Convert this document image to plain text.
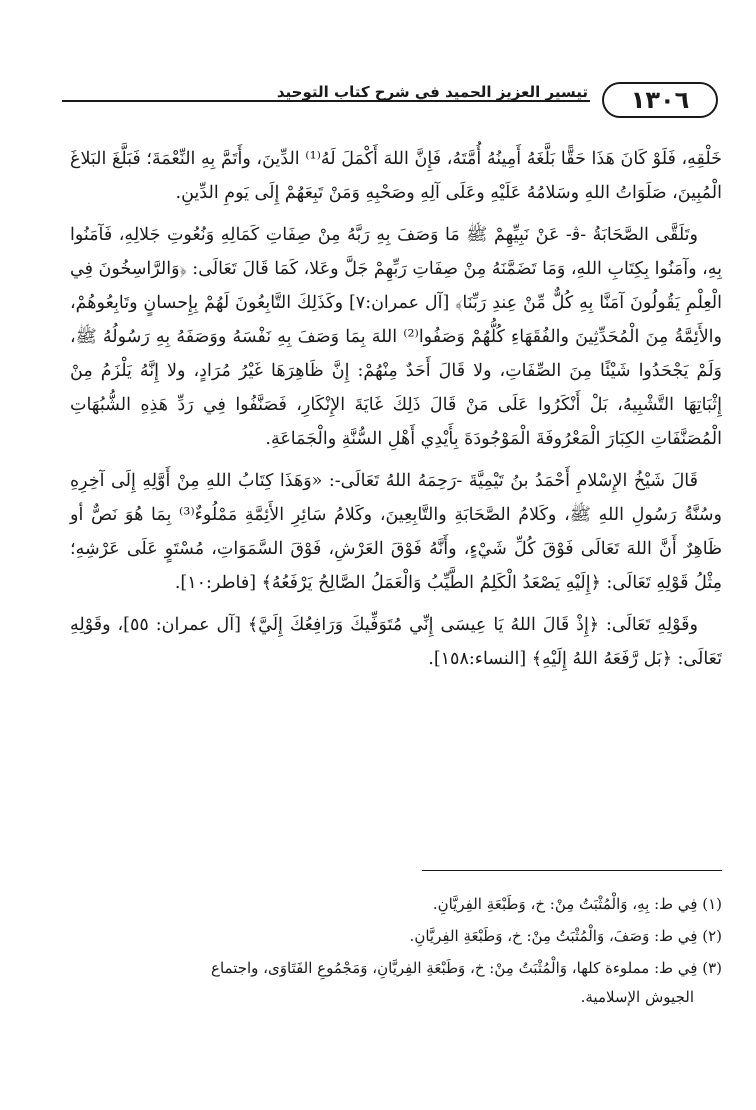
تيسير العزيز الحميد في شرح كتاب التوحيد ١٣٠٦

خَلْقِهِ، فَلَوْ كَانَ هَذَا حَقًّا بَلَّغَهُ أَمِينُهُ أُمَّتَهُ، فَإِنَّ اللهَ أَكْمَلَ لَهُ⁽¹⁾ الدِّينَ، وأَتَمَّ بِهِ النِّعْمَةَ؛ فَبَلَّغَ البَلاغَ الْمُبِينَ، صَلَوَاتُ اللهِ وسَلامُهُ عَلَيْهِ وعَلَى آلِهِ وصَحْبِهِ وَمَنْ تَبِعَهُمْ إِلَى يَومِ الدِّينِ.

وتَلَقَّى الصَّحَابَةُ -ﭬ- عَنْ نَبِيِّهِمْ ﷺ مَا وَصَفَ بِهِ رَبَّهُ مِنْ صِفَاتِ كَمَالِهِ وَنُعُوتِ جَلالِهِ، فَآمَنُوا بِهِ، وآمَنُوا بِكِتَابِ اللهِ، وَمَا تَضَمَّنَهُ مِنْ صِفَاتِ رَبِّهِمْ جَلَّ وعَلا، كَمَا قَالَ تَعَالَى: ﴿وَالرَّاسِخُونَ فِي الْعِلْمِ يَقُولُونَ آمَنَّا بِهِ كُلٌّ مِّنْ عِندِ رَبِّنَا﴾ [آل عمران:٧] وكَذَلِكَ التَّابِعُونَ لَهُمْ بِإِحسانٍ وتَابِعُوهُمْ، والأَئِمَّةُ مِنَ الْمُحَدِّثِينَ والفُقَهَاءِ كُلُّهُمْ وَصَفُوا⁽²⁾ اللهَ بِمَا وَصَفَ بِهِ نَفْسَهُ ووَصَفَهُ بِهِ رَسُولُهُ ﷺ، وَلَمْ يَجْحَدُوا شَيْئًا مِنَ الصِّفَاتِ، ولا قَالَ أَحَدٌ مِنْهُمْ: إِنَّ ظَاهِرَهَا غَيْرُ مُرَادٍ، ولا إِنَّهُ يَلْزَمُ مِنْ إِثْبَاتِهَا التَّشْبِيهُ، بَلْ أَنْكَرُوا عَلَى مَنْ قَالَ ذَلِكَ غَايَةَ الإِنْكَارِ، فَصَنَّفُوا فِي رَدِّ هَذِهِ الشُّبُهَاتِ الْمُصَنَّفَاتِ الكِبَارَ الْمَعْرُوفَةَ الْمَوْجُودَةَ بِأَيْدِي أَهْلِ السُّنَّةِ والْجَمَاعَةِ.

قَالَ شَيْخُ الإِسْلامِ أَحْمَدُ بنُ تَيْمِيَّةَ -رَحِمَهُ اللهُ تَعَالَى-: «وَهَذَا كِتَابُ اللهِ مِنْ أَوَّلِهِ إِلَى آخِرِهِ وسُنَّةُ رَسُولِ اللهِ ﷺ، وكَلامُ الصَّحَابَةِ والتَّابِعِينَ، وكَلامُ سَائِرِ الأَئِمَّةِ مَمْلُوءٌ⁽³⁾ بِمَا هُوَ نَصٌّ أو ظَاهِرٌ أَنَّ اللهَ تَعَالَى فَوْقَ كُلِّ شَيْءٍ، وأَنَّهُ فَوْقَ العَرْشِ، فَوْقَ السَّمَوَاتِ، مُسْتَوٍ عَلَى عَرْشِهِ؛ مِثْلُ قَوْلِهِ تَعَالَى: ﴿إِلَيْهِ يَصْعَدُ الْكَلِمُ الطَّيِّبُ وَالْعَمَلُ الصَّالِحُ يَرْفَعُهُ﴾ [فاطر:١٠].

وقَوْلِهِ تَعَالَى: ﴿إِذْ قَالَ اللهُ يَا عِيسَى إِنِّي مُتَوَفِّيكَ وَرَافِعُكَ إِلَيَّ﴾ [آل عمران: ٥٥]، وقَوْلِهِ تَعَالَى: ﴿بَل رَّفَعَهُ اللهُ إِلَيْهِ﴾ [النساء:١٥٨].

(١) فِي ط: بِهِ، وَالْمُثْبَتُ مِنْ: خ، وَطَبْعَةِ الفِريَّانِ.

(٢) فِي ط: وَصَفَ، وَالْمُثْبَتُ مِنْ: خ، وَطَبْعَةِ الفِريَّانِ.

(٣) فِي ط: مملوءة كلها، وَالْمُثْبَتُ مِنْ: خ، وَطَبْعَةِ الفِريَّانِ، وَمَجْمُوعِ الفَتَاوَى، واجتماع
الجيوش الإسلامية.
